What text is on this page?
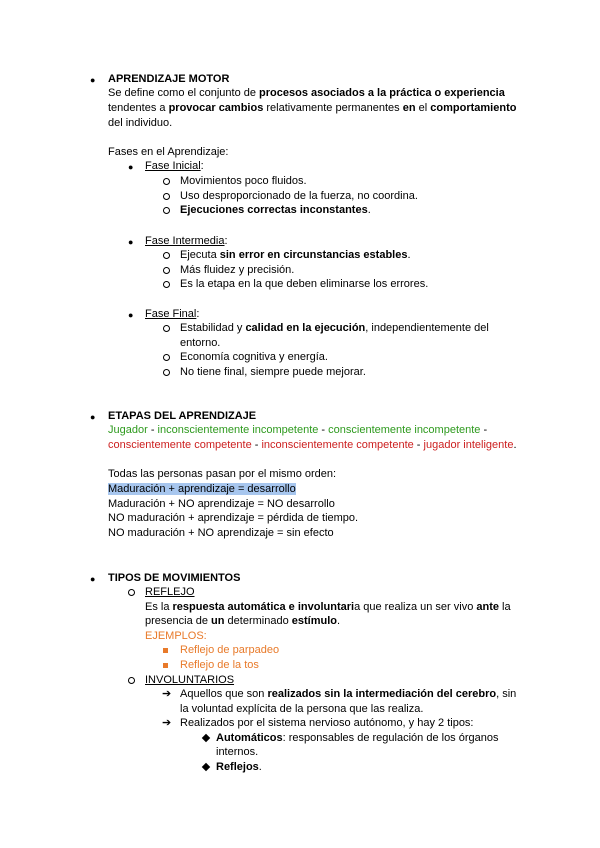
● APRENDIZAJE MOTOR
Se define como el conjunto de procesos asociados a la práctica o experiencia
tendentes a provocar cambios relativamente permanentes en el comportamiento
del individuo.
Fases en el Aprendizaje:
● Fase Inicial:
Movimientos poco fluidos.
Uso desproporcionado de la fuerza, no coordina.
Ejecuciones correctas inconstantes.
● Fase Intermedia:
Ejecuta sin error en circunstancias estables.
Más fluidez y precisión.
Es la etapa en la que deben eliminarse los errores.
● Fase Final:
Estabilidad y calidad en la ejecución, independientemente del
entorno.
Economía cognitiva y energía.
No tiene final, siempre puede mejorar.
● ETAPAS DEL APRENDIZAJE
Jugador - inconscientemente incompetente - conscientemente incompetente -
conscientemente competente - inconscientemente competente - jugador inteligente.
Todas las personas pasan por el mismo orden:
Maduración + aprendizaje = desarrollo
Maduración + NO aprendizaje = NO desarrollo
NO maduración + aprendizaje = pérdida de tiempo.
NO maduración + NO aprendizaje = sin efecto
● TIPOS DE MOVIMIENTOS
REFLEJO
Es la respuesta automática e involuntaria que realiza un ser vivo ante la
presencia de un determinado estímulo.
EJEMPLOS:
Reflejo de parpadeo
Reflejo de la tos
INVOLUNTARIOS
➔ Aquellos que son realizados sin la intermediación del cerebro, sin
la voluntad explícita de la persona que las realiza.
➔ Realizados por el sistema nervioso autónomo, y hay 2 tipos:
Automáticos: responsables de regulación de los órganos
internos.
Reflejos.
